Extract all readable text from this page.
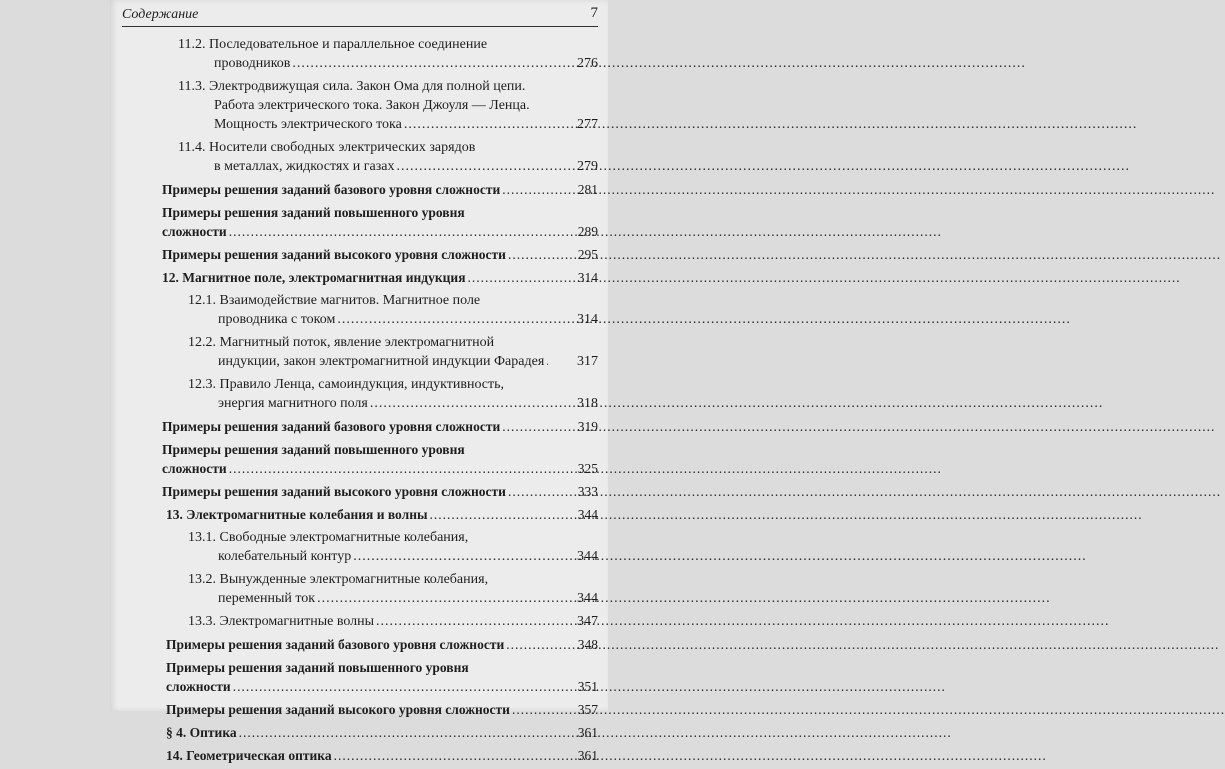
Содержание	7
11.2. Последовательное и параллельное соединение
проводников .....	276
11.3. Электродвижущая сила. Закон Ома для полной цепи.
Работа электрического тока. Закон Джоуля — Ленца.
Мощность электрического тока .....	277
11.4. Носители свободных электрических зарядов
в металлах, жидкостях и газах .....	279
Примеры решения заданий базового уровня сложности .....	281
Примеры решения заданий повышенного уровня
сложности .....	289
Примеры решения заданий высокого уровня сложности .....	295
12. Магнитное поле, электромагнитная индукция .....	314
12.1. Взаимодействие магнитов. Магнитное поле
проводника с током .....	314
12.2. Магнитный поток, явление электромагнитной
индукции, закон электромагнитной индукции Фарадея .....	317
12.3. Правило Ленца, самоиндукция, индуктивность,
энергия магнитного поля .....	318
Примеры решения заданий базового уровня сложности .....	319
Примеры решения заданий повышенного уровня
сложности .....	325
Примеры решения заданий высокого уровня сложности .....	333
13. Электромагнитные колебания и волны .....	344
13.1. Свободные электромагнитные колебания,
колебательный контур .....	344
13.2. Вынужденные электромагнитные колебания,
переменный ток .....	344
13.3. Электромагнитные волны .....	347
Примеры решения заданий базового уровня сложности .....	348
Примеры решения заданий повышенного уровня
сложности .....	351
Примеры решения заданий высокого уровня сложности .....	357
§ 4. Оптика .....	361
14. Геометрическая оптика .....	361
